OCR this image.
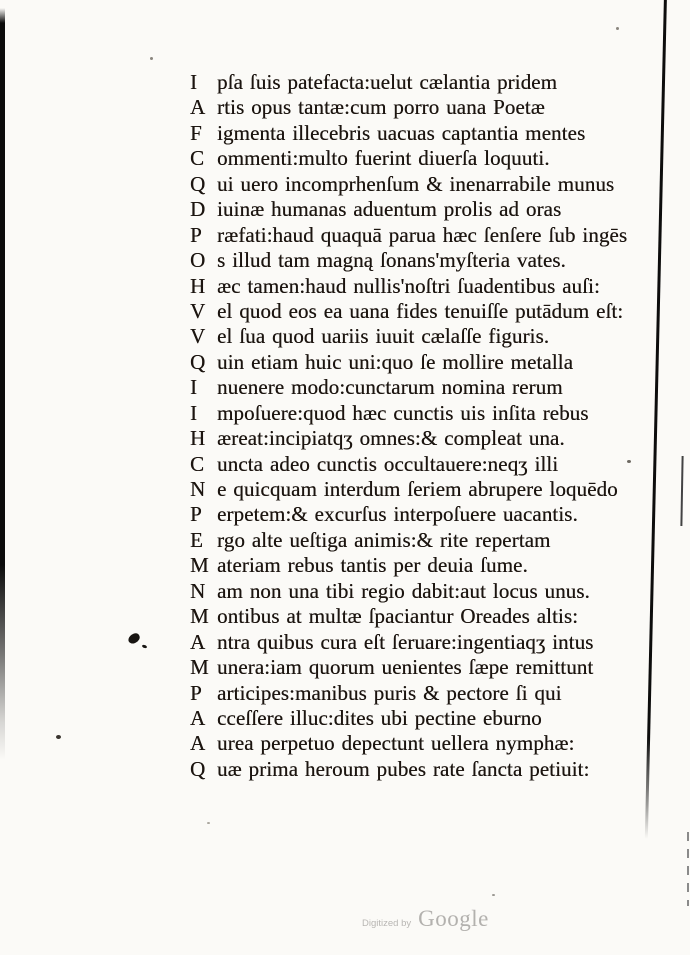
I pſa ſuis patefacta:uelut cælantia pridem
A rtis opus tantæ:cum porro uana Poetæ
F igmenta illecebris uacuas captantia mentes
C ommenti:multo fuerint diuerſa loquuti.
Q ui uero incomprhenſum & inenarrabile munus
D iuinæ humanas aduentum prolis ad oras
P ræfati:haud quaquā parua hæc ſenſere ſub ingēs
O s illud tam magną ſonans'myſteria vates.
H æc tamen:haud nullis'noſtri ſuadentibus auſi:
V el quod eos ea uana fides tenuiſſe putādum eſt:
V el ſua quod uariis iuuit cælaſſe figuris.
Q uin etiam huic uni:quo ſe mollire metalla
I nuenere modo:cunctarum nomina rerum
I mpoſuere:quod hæc cunctis uis inſita rebus
H æreat:incipiatqʒ omnes:& compleat una.
C uncta adeo cunctis occultauere:neqʒ illi
N e quicquam interdum ſeriem abrupere loquēdo
P erpetem:& excurſus interpoſuere uacantis.
E rgo alte ueſtiga animis:& rite repertam
M ateriam rebus tantis per deuia ſume.
N am non una tibi regio dabit:aut locus unus.
M ontibus at multæ ſpaciantur Oreades altis:
A ntra quibus cura eſt ſeruare:ingentiaqʒ intus
M unera:iam quorum uenientes ſæpe remittunt
P articipes:manibus puris & pectore ſi qui
A cceſſere illuc:dites ubi pectine eburno
A urea perpetuo depectunt uellera nymphæ:
Q uæ prima heroum pubes rate ſancta petiuit:
Digitized by Google
